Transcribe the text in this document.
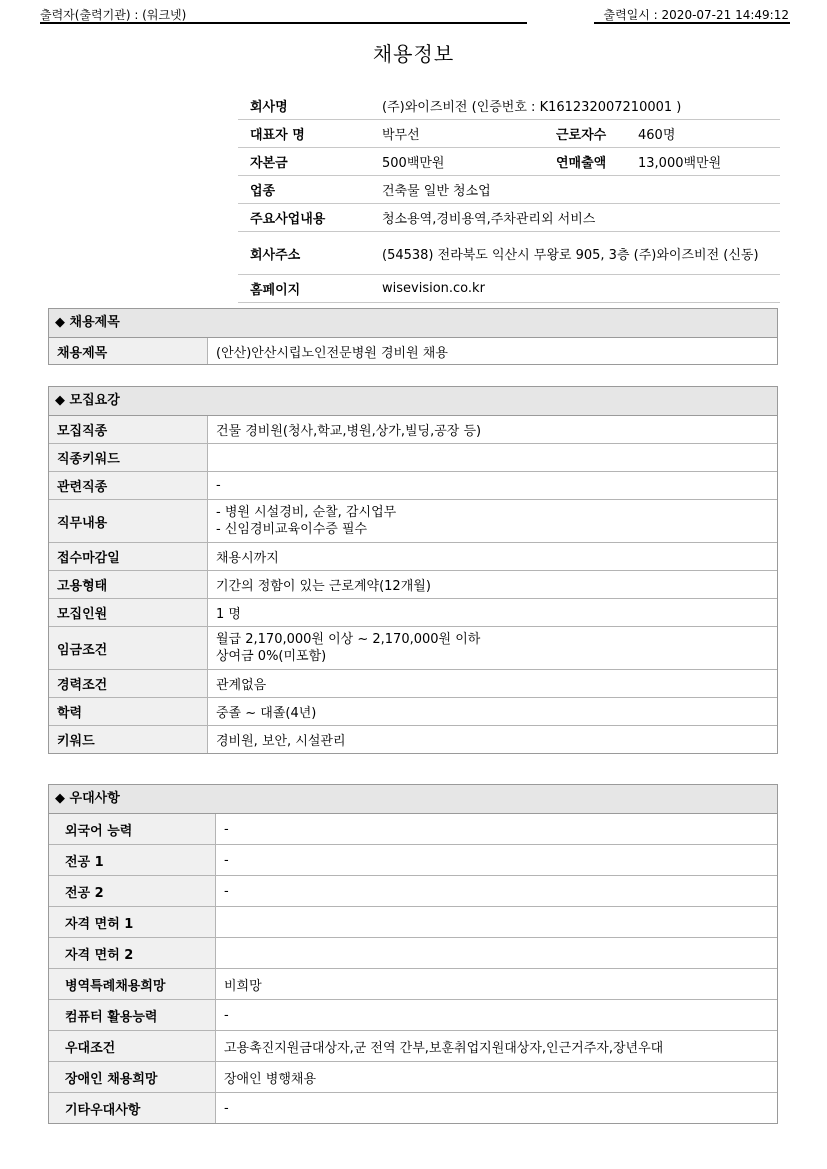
출력자(출력기관) : (워크넷)	출력일시 : 2020-07-21 14:49:12
채용정보
회사명	(주)와이즈비전 (인증번호 : K161232007210001 )		
대표자 명	박무선	근로자수	460명
자본금	500백만원	연매출액	13,000백만원
업종	건축물 일반 청소업		
주요사업내용	청소용역,경비용역,주차관리외 서비스		
회사주소	(54538) 전라북도 익산시 무왕로 905, 3층 (주)와이즈비전 (신동)		
홈페이지	wisevision.co.kr		
◆ 채용제목
채용제목	(안산)안산시립노인전문병원 경비원 채용
◆ 모집요강
모집직종	건물 경비원(청사,학교,병원,상가,빌딩,공장 등)
직종키워드	
관련직종	-
직무내용	- 병원 시설경비, 순찰, 감시업무
- 신임경비교육이수증 필수

접수마감일	채용시까지
고용형태	기간의 정함이 있는 근로계약(12개월)
모집인원	1 명
임금조건	월급 2,170,000원 이상 ~ 2,170,000원 이하
상여금 0%(미포함)

경력조건	관계없음
학력	중졸 ~ 대졸(4년)
키워드	경비원, 보안, 시설관리
◆ 우대사항
외국어 능력	-
전공 1	-
전공 2	-
자격 면허 1	
자격 면허 2	
병역특례채용희망	비희망
컴퓨터 활용능력	-
우대조건	고용촉진지원금대상자,군 전역 간부,보훈취업지원대상자,인근거주자,장년우대
장애인 채용희망	장애인 병행채용
기타우대사항	-
